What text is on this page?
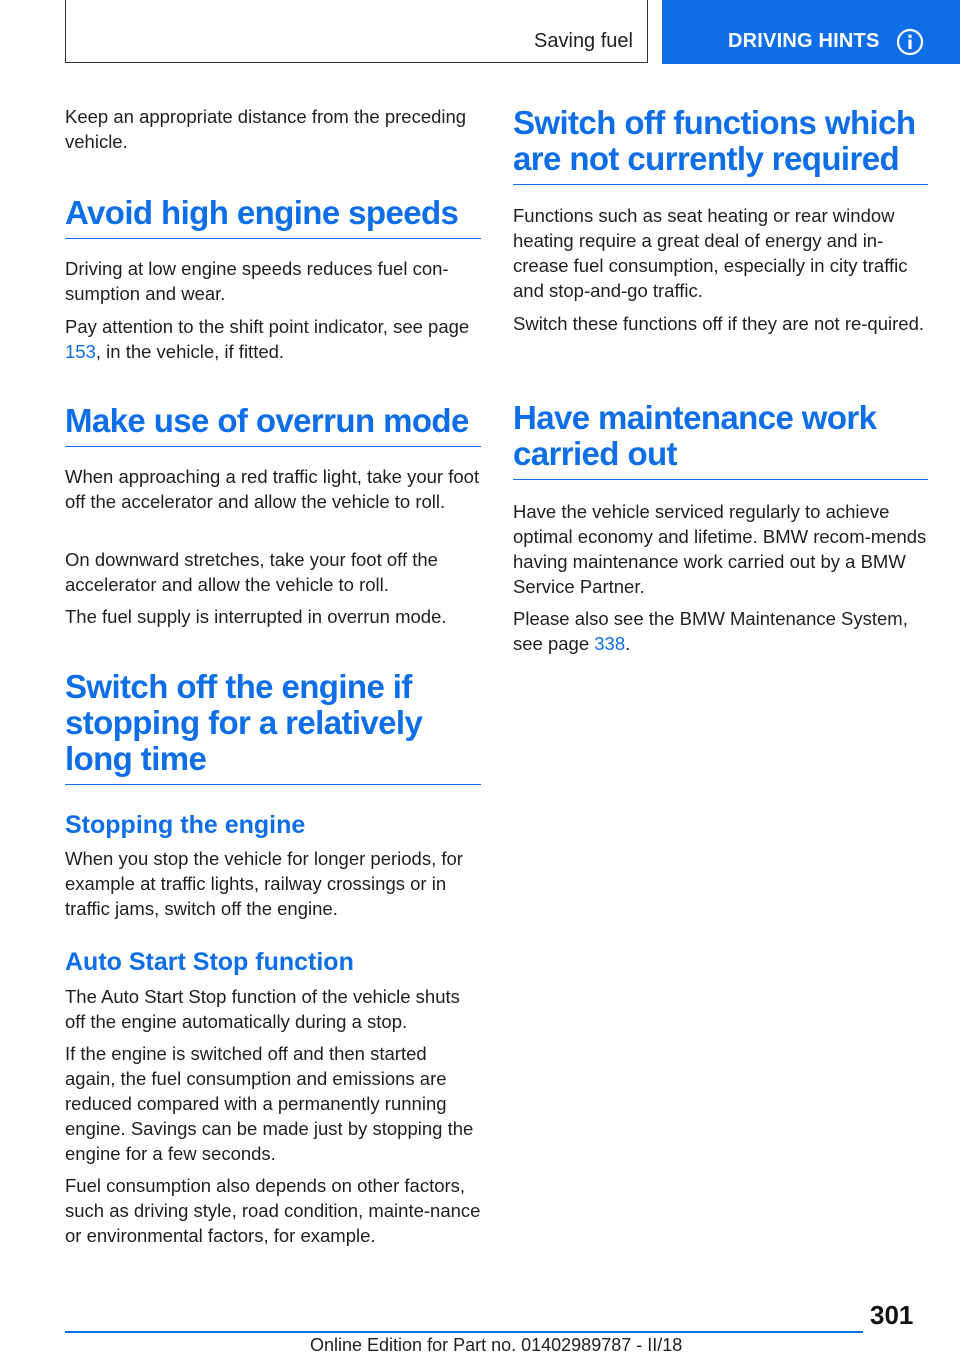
Saving fuel	DRIVING HINTS

Keep an appropriate distance from the preceding vehicle.

Avoid high engine speeds

Driving at low engine speeds reduces fuel con-sumption and wear.

Pay attention to the shift point indicator, see page 153, in the vehicle, if fitted.

Make use of overrun mode

When approaching a red traffic light, take your foot off the accelerator and allow the vehicle to roll.

On downward stretches, take your foot off the accelerator and allow the vehicle to roll.

The fuel supply is interrupted in overrun mode.

Switch off the engine if stopping for a relatively long time
Stopping the engine

When you stop the vehicle for longer periods, for example at traffic lights, railway crossings or in traffic jams, switch off the engine.

Auto Start Stop function

The Auto Start Stop function of the vehicle shuts off the engine automatically during a stop.

If the engine is switched off and then started again, the fuel consumption and emissions are reduced compared with a permanently running engine. Savings can be made just by stopping the engine for a few seconds.

Fuel consumption also depends on other factors, such as driving style, road condition, mainte-nance or environmental factors, for example.

Switch off functions which are not currently required

Functions such as seat heating or rear window heating require a great deal of energy and in-crease fuel consumption, especially in city traffic and stop-and-go traffic.

Switch these functions off if they are not re-quired.

Have maintenance work carried out

Have the vehicle serviced regularly to achieve optimal economy and lifetime. BMW recom-mends having maintenance work carried out by a BMW Service Partner.

Please also see the BMW Maintenance System, see page 338.

301
Online Edition for Part no. 01402989787 - II/18
